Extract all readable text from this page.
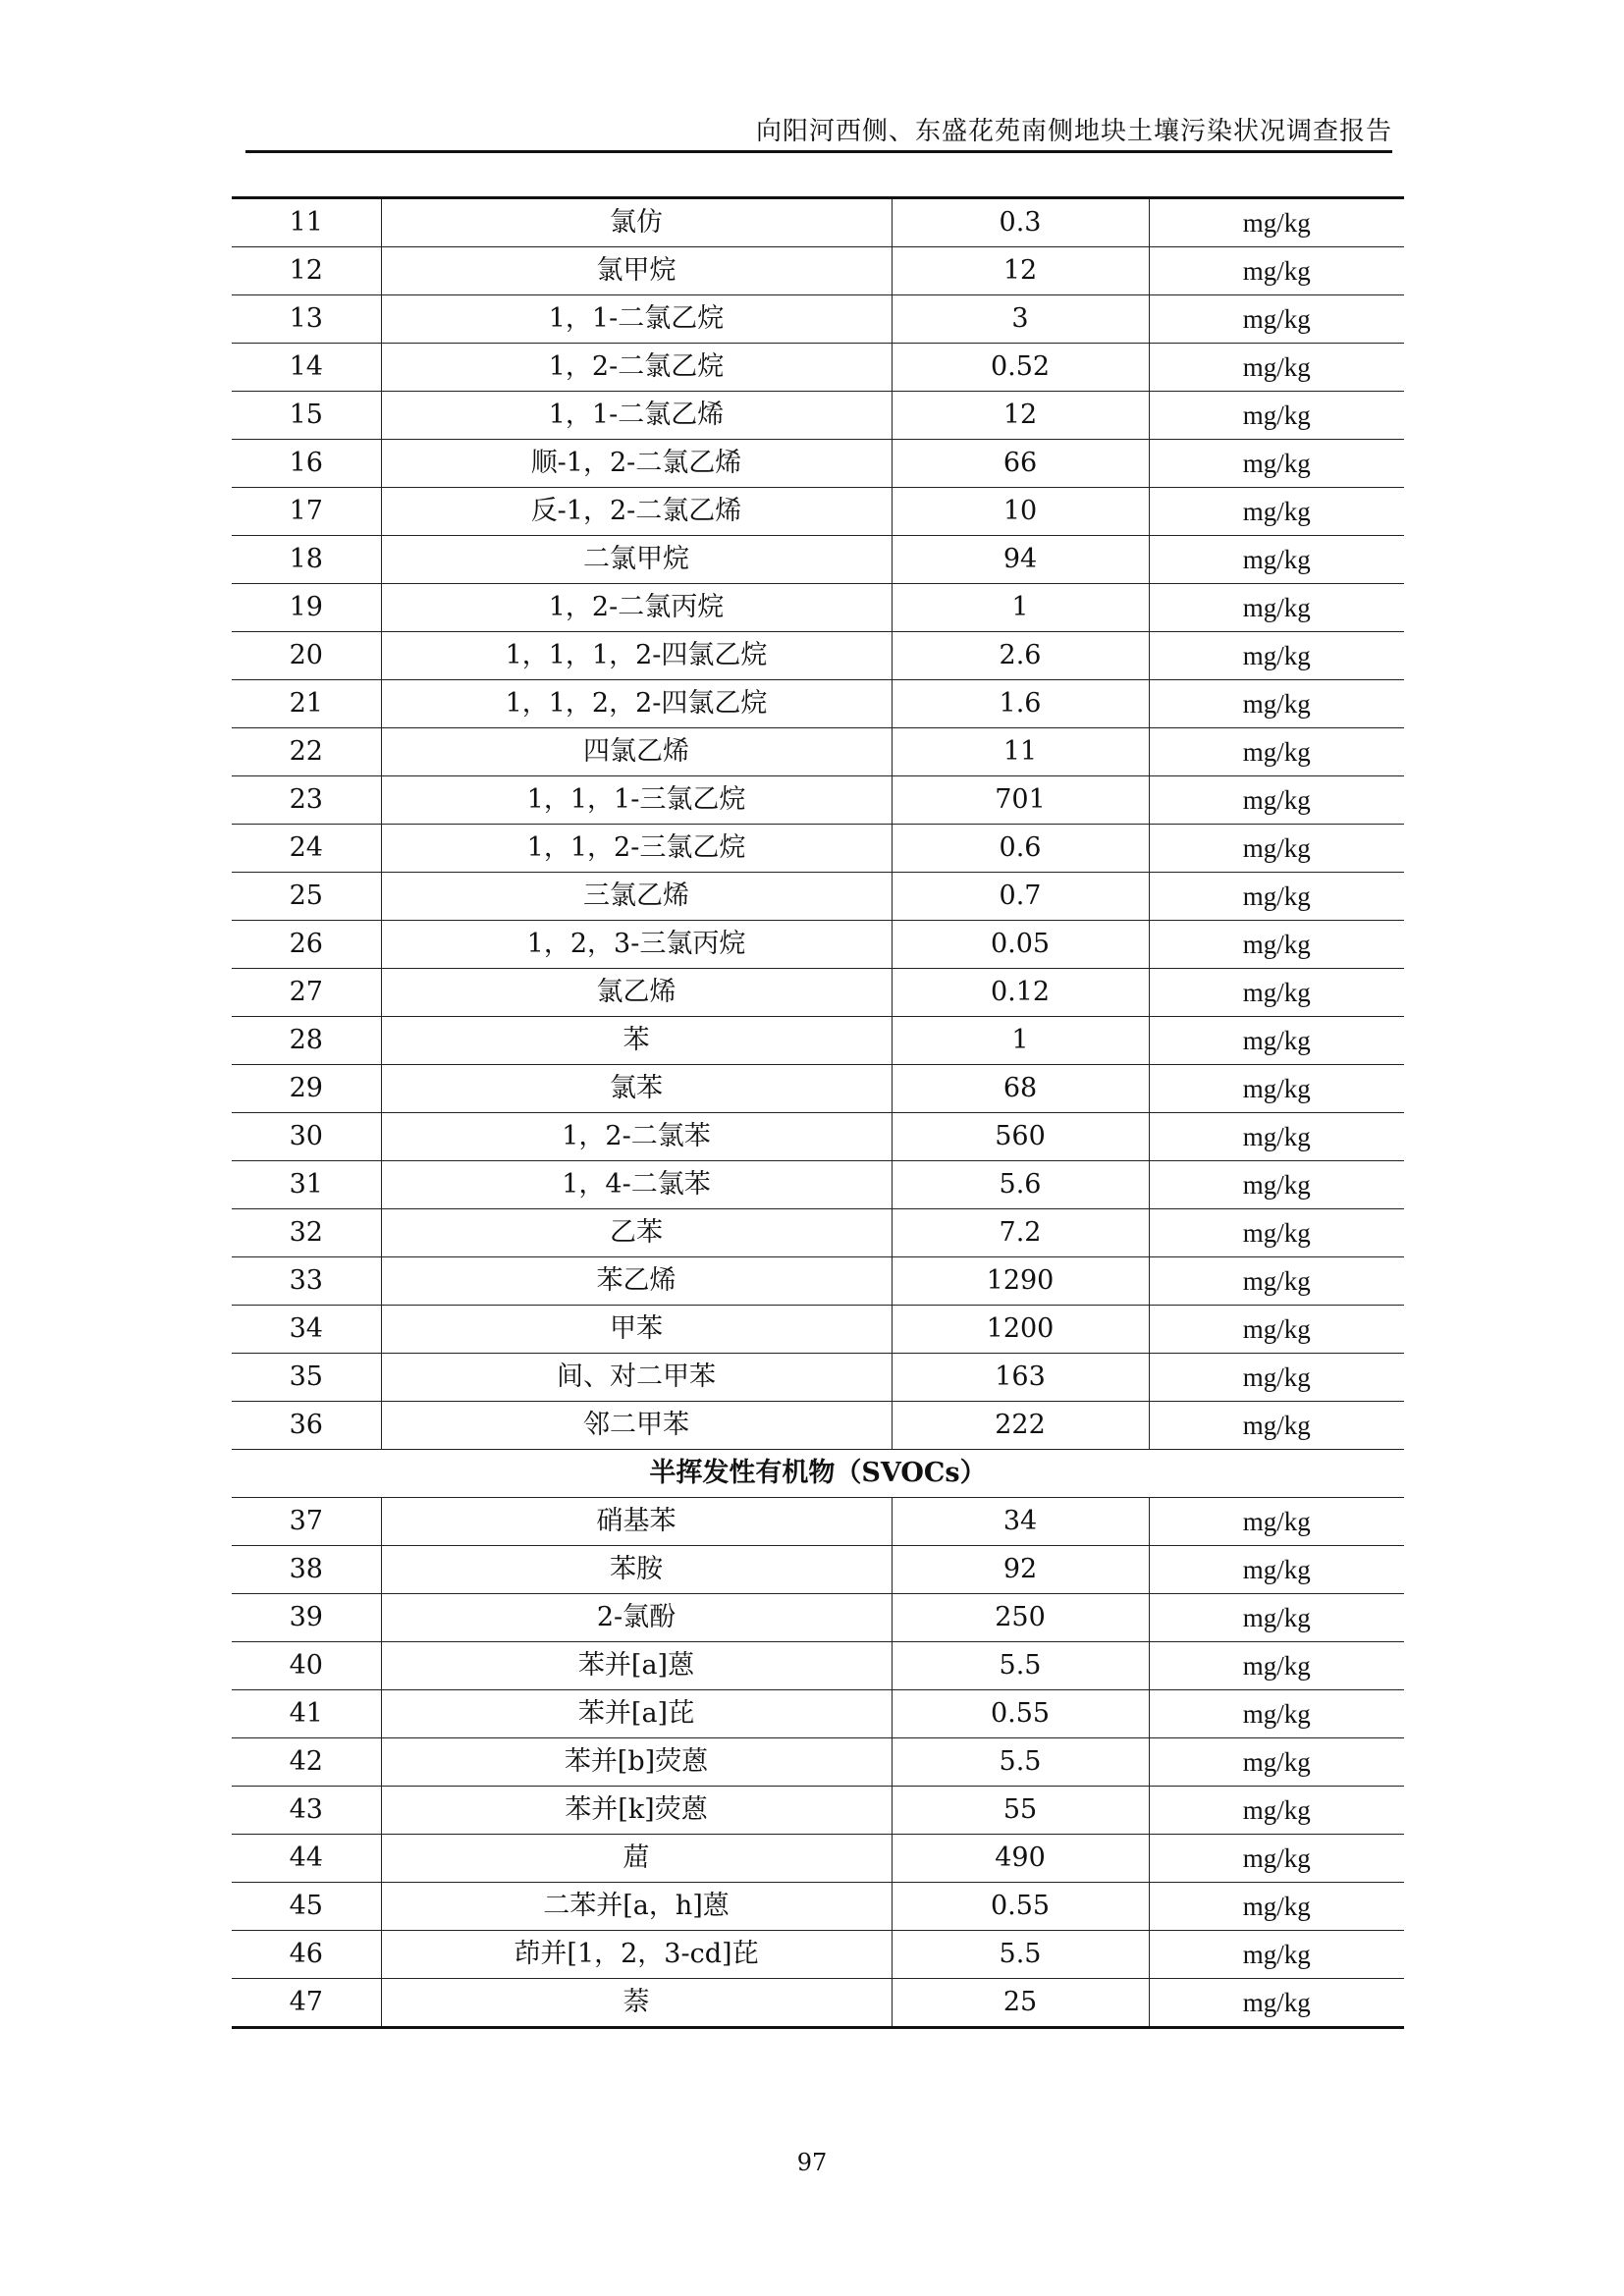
向阳河西侧、东盛花苑南侧地块土壤污染状况调查报告
11	氯仿	0.3	mg/kg
12	氯甲烷	12	mg/kg
13	1，1-二氯乙烷	3	mg/kg
14	1，2-二氯乙烷	0.52	mg/kg
15	1，1-二氯乙烯	12	mg/kg
16	顺-1，2-二氯乙烯	66	mg/kg
17	反-1，2-二氯乙烯	10	mg/kg
18	二氯甲烷	94	mg/kg
19	1，2-二氯丙烷	1	mg/kg
20	1，1，1，2-四氯乙烷	2.6	mg/kg
21	1，1，2，2-四氯乙烷	1.6	mg/kg
22	四氯乙烯	11	mg/kg
23	1，1，1-三氯乙烷	701	mg/kg
24	1，1，2-三氯乙烷	0.6	mg/kg
25	三氯乙烯	0.7	mg/kg
26	1，2，3-三氯丙烷	0.05	mg/kg
27	氯乙烯	0.12	mg/kg
28	苯	1	mg/kg
29	氯苯	68	mg/kg
30	1，2-二氯苯	560	mg/kg
31	1，4-二氯苯	5.6	mg/kg
32	乙苯	7.2	mg/kg
33	苯乙烯	1290	mg/kg
34	甲苯	1200	mg/kg
35	间、对二甲苯	163	mg/kg
36	邻二甲苯	222	mg/kg
半挥发性有机物（SVOCs）			
37	硝基苯	34	mg/kg
38	苯胺	92	mg/kg
39	2-氯酚	250	mg/kg
40	苯并[a]蒽	5.5	mg/kg
41	苯并[a]芘	0.55	mg/kg
42	苯并[b]荧蒽	5.5	mg/kg
43	苯并[k]荧蒽	55	mg/kg
44	䓛	490	mg/kg
45	二苯并[a，h]蒽	0.55	mg/kg
46	茚并[1，2，3-cd]芘	5.5	mg/kg
47	萘	25	mg/kg
97
